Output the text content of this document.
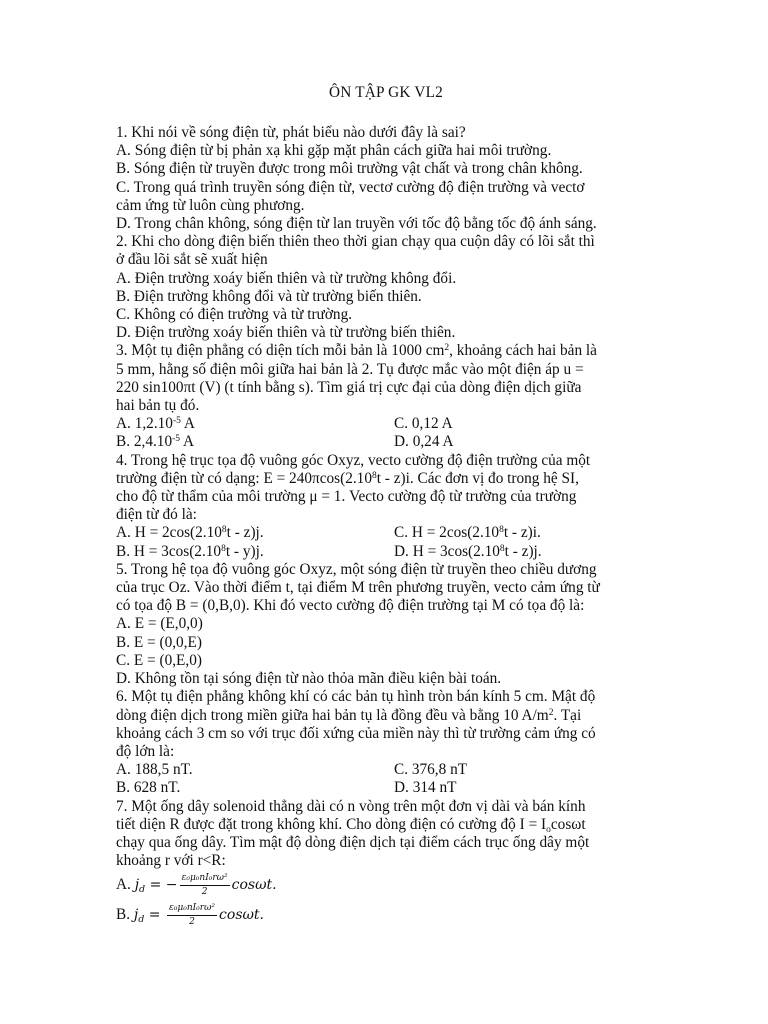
ÔN TẬP GK VL2
1. Khi nói về sóng điện từ, phát biểu nào dưới đây là sai?
A. Sóng điện từ bị phản xạ khi gặp mặt phân cách giữa hai môi trường.
B. Sóng điện từ truyền được trong môi trường vật chất và trong chân không.
C. Trong quá trình truyền sóng điện từ, vectơ cường độ điện trường và vectơ
cảm ứng từ luôn cùng phương.
D. Trong chân không, sóng điện từ lan truyền với tốc độ bằng tốc độ ánh sáng.
2. Khi cho dòng điện biến thiên theo thời gian chạy qua cuộn dây có lõi sắt thì
ở đầu lõi sắt sẽ xuất hiện
A. Điện trường xoáy biến thiên và từ trường không đổi.
B. Điện trường không đổi và từ trường biến thiên.
C. Không có điện trường và từ trường.
D. Điện trường xoáy biến thiên và từ trường biến thiên.
3. Một tụ điện phẳng có diện tích mỗi bản là 1000 $cm^2$, khoảng cách hai bản là
5 mm, hằng số điện môi giữa hai bản là 2. Tụ được mắc vào một điện áp u =
220 sin100πt (V) (t tính bằng s). Tìm giá trị cực đại của dòng điện dịch giữa
hai bản tụ đó.
A. $1,2.10^{-5}$ A	C. 0,12 A
B. $2,4.10^{-5}$ A	D. 0,24 A
4. Trong hệ trục tọa độ vuông góc Oxyz, vecto cường độ điện trường của một
trường điện từ có dạng: $E = 240\pi\cos(2.10^8t - z)i$. Các đơn vị đo trong hệ SI,
cho độ từ thẩm của môi trường μ = 1. Vecto cường độ từ trường của trường
điện từ đó là:
A. $H = 2\cos(2.10^8t - z)j$.	C. $H = 2\cos(2.10^8t - z)i$.
B. $H = 3\cos(2.10^8t - y)j$.	D. $H = 3\cos(2.10^8t - z)j$.
5. Trong hệ tọa độ vuông góc Oxyz, một sóng điện từ truyền theo chiều dương
của trục Oz. Vào thời điểm t, tại điểm M trên phương truyền, vecto cảm ứng từ
có tọa độ B = (0,B,0). Khi đó vecto cường độ điện trường tại M có tọa độ là:
A. E = (E,0,0)
B. E = (0,0,E)
C. E = (0,E,0)
D. Không tồn tại sóng điện từ nào thỏa mãn điều kiện bài toán.
6. Một tụ điện phẳng không khí có các bản tụ hình tròn bán kính 5 cm. Mật độ
dòng điện dịch trong miền giữa hai bản tụ là đồng đều và bằng 10 $A/m^2$. Tại
khoảng cách 3 cm so với trục đối xứng của miền này thì từ trường cảm ứng có
độ lớn là:
A. 188,5 nT.	C. 376,8 nT
B. 628 nT.	D. 314 nT
7. Một ống dây solenoid thẳng dài có n vòng trên một đơn vị dài và bán kính
tiết diện R được đặt trong không khí. Cho dòng điện có cường độ $I = I_o\cos\omega t$
chạy qua ống dây. Tìm mật độ dòng điện dịch tại điểm cách trục ống dây một
khoảng r với r<R:
A. $j_d$ = − $\frac{\text{ε₀μ₀nI₀rω²}}{2} \cos\omega t$.
B. $j_d = \frac{\text{ε₀μ₀nI₀rω²}}{2} \cos\omega t$.
